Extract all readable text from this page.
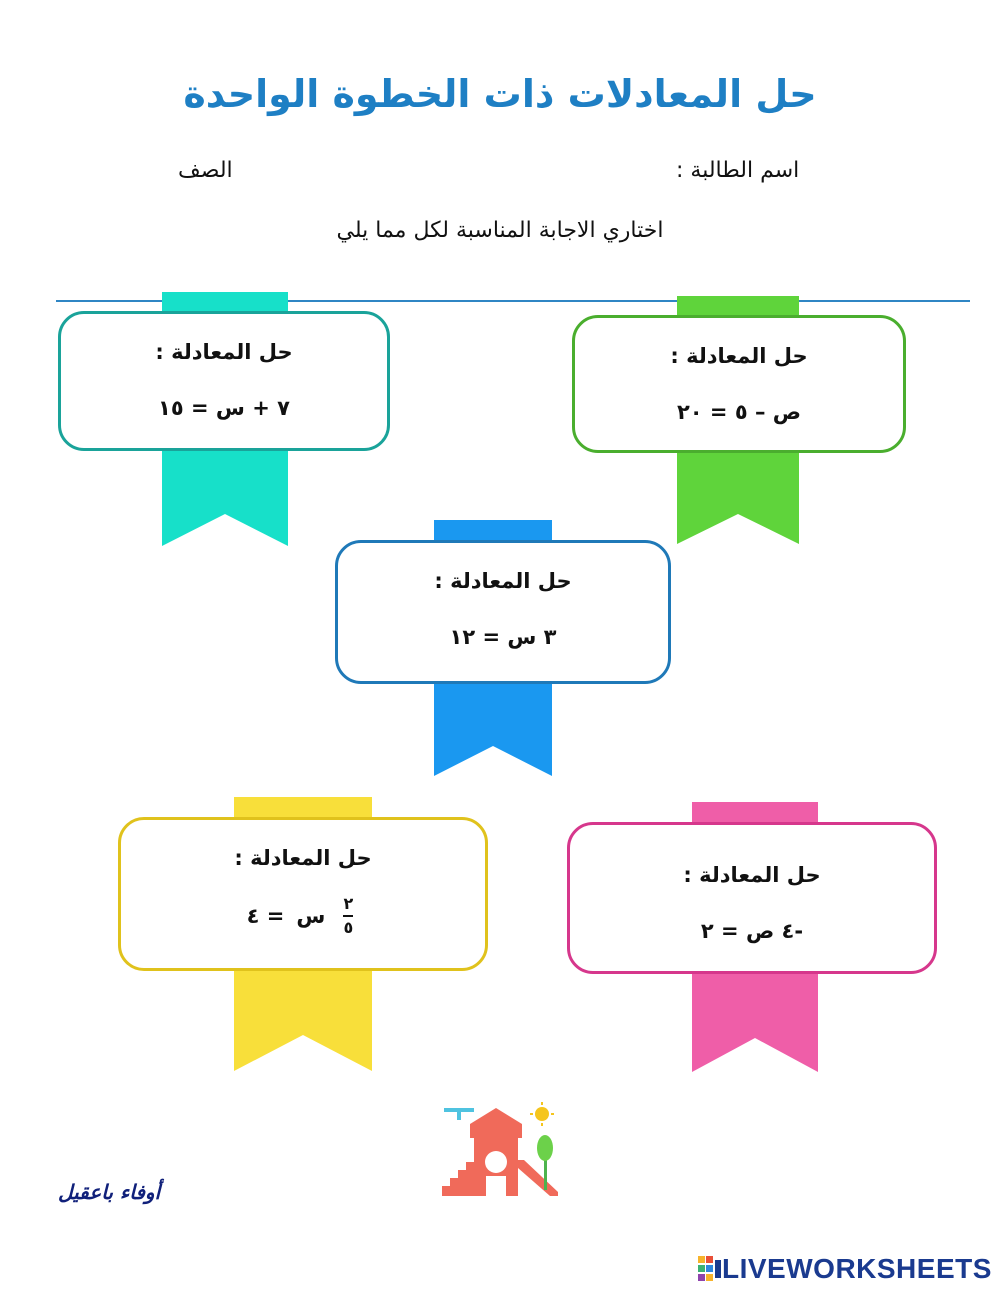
حل المعادلات ذات الخطوة الواحدة
اسم الطالبة :
الصف
اختاري الاجابة المناسبة لكل مما يلي
حل المعادلة :
٧ + س = ١٥
حل المعادلة :
ص – ٥ = ٢٠
حل المعادلة :
٣ س = ١٢
حل المعادلة :
$\frac{٢}{٥}$
س
= ٤
حل المعادلة :
-٤ ص = ٢
أوفاء باعقيل
LIVEWORKSHEETS
